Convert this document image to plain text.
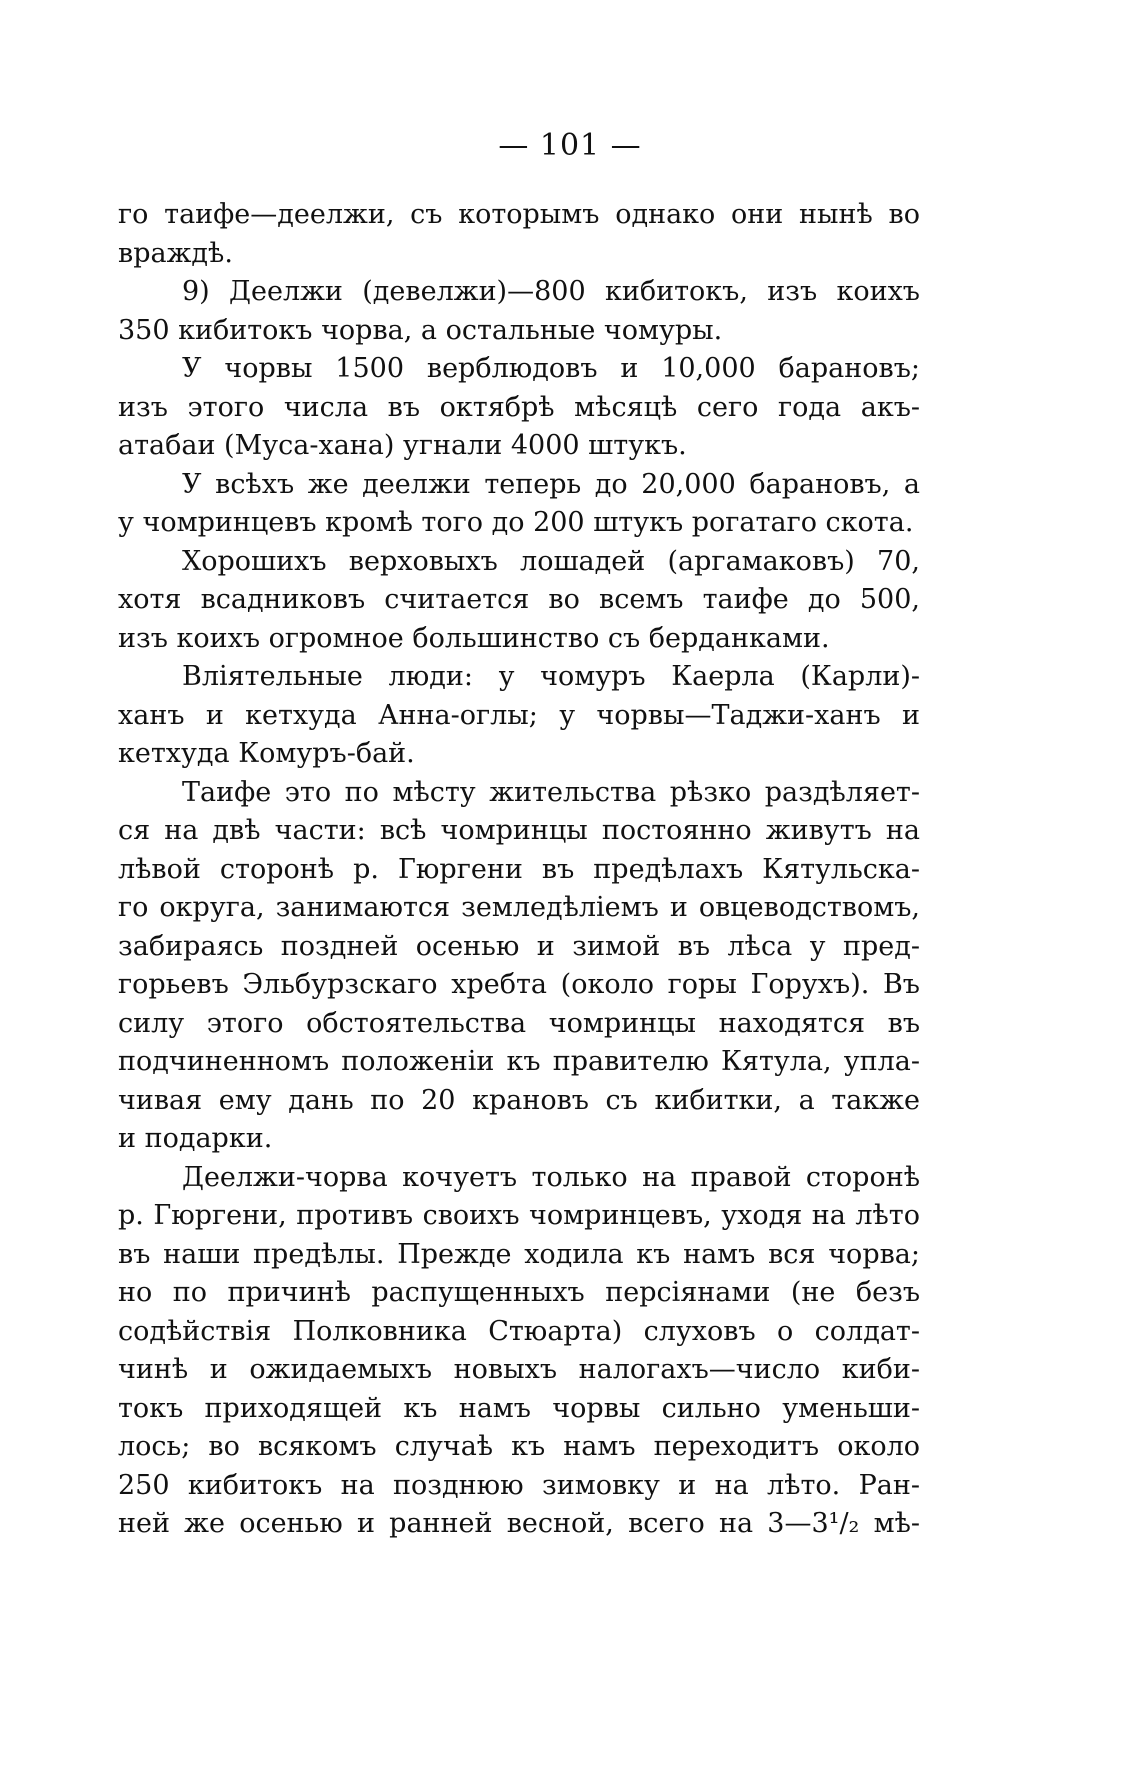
— 101 —
го таифе—деелжи, съ которымъ однако они нынѣ во
враждѣ.
9) Деелжи (девелжи)—800 кибитокъ, изъ коихъ
350 кибитокъ чорва, а остальные чомуры.
У чорвы 1500 верблюдовъ и 10,000 барановъ;
изъ этого числа въ октябрѣ мѣсяцѣ сего года акъ-
атабаи (Муса-хана) угнали 4000 штукъ.
У всѣхъ же деелжи теперь до 20,000 барановъ, а
у чомринцевъ кромѣ того до 200 штукъ рогатаго скота.
Хорошихъ верховыхъ лошадей (аргамаковъ) 70,
хотя всадниковъ считается во всемъ таифе до 500,
изъ коихъ огромное большинство съ берданками.
Вліятельные люди: у чомуръ Каерла (Карли)-
ханъ и кетхуда Анна-оглы; у чорвы—Таджи-ханъ и
кетхуда Комуръ-бай.
Таифе это по мѣсту жительства рѣзко раздѣляет-
ся на двѣ части: всѣ чомринцы постоянно живутъ на
лѣвой сторонѣ р. Гюргени въ предѣлахъ Кятульска-
го округа, занимаются земледѣліемъ и овцеводствомъ,
забираясь поздней осенью и зимой въ лѣса у пред-
горьевъ Эльбурзскаго хребта (около горы Горухъ). Въ
силу этого обстоятельства чомринцы находятся въ
подчиненномъ положеніи къ правителю Кятула, упла-
чивая ему дань по 20 крановъ съ кибитки, а также
и подарки.
Деелжи-чорва кочуетъ только на правой сторонѣ
р. Гюргени, противъ своихъ чомринцевъ, уходя на лѣто
въ наши предѣлы. Прежде ходила къ намъ вся чорва;
но по причинѣ распущенныхъ персіянами (не безъ
содѣйствія Полковника Стюарта) слуховъ о солдат-
чинѣ и ожидаемыхъ новыхъ налогахъ—число киби-
токъ приходящей къ намъ чорвы сильно уменьши-
лось; во всякомъ случаѣ къ намъ переходитъ около
250 кибитокъ на позднюю зимовку и на лѣто. Ран-
ней же осенью и ранней весной, всего на 3—3¹/₂ мѣ-
